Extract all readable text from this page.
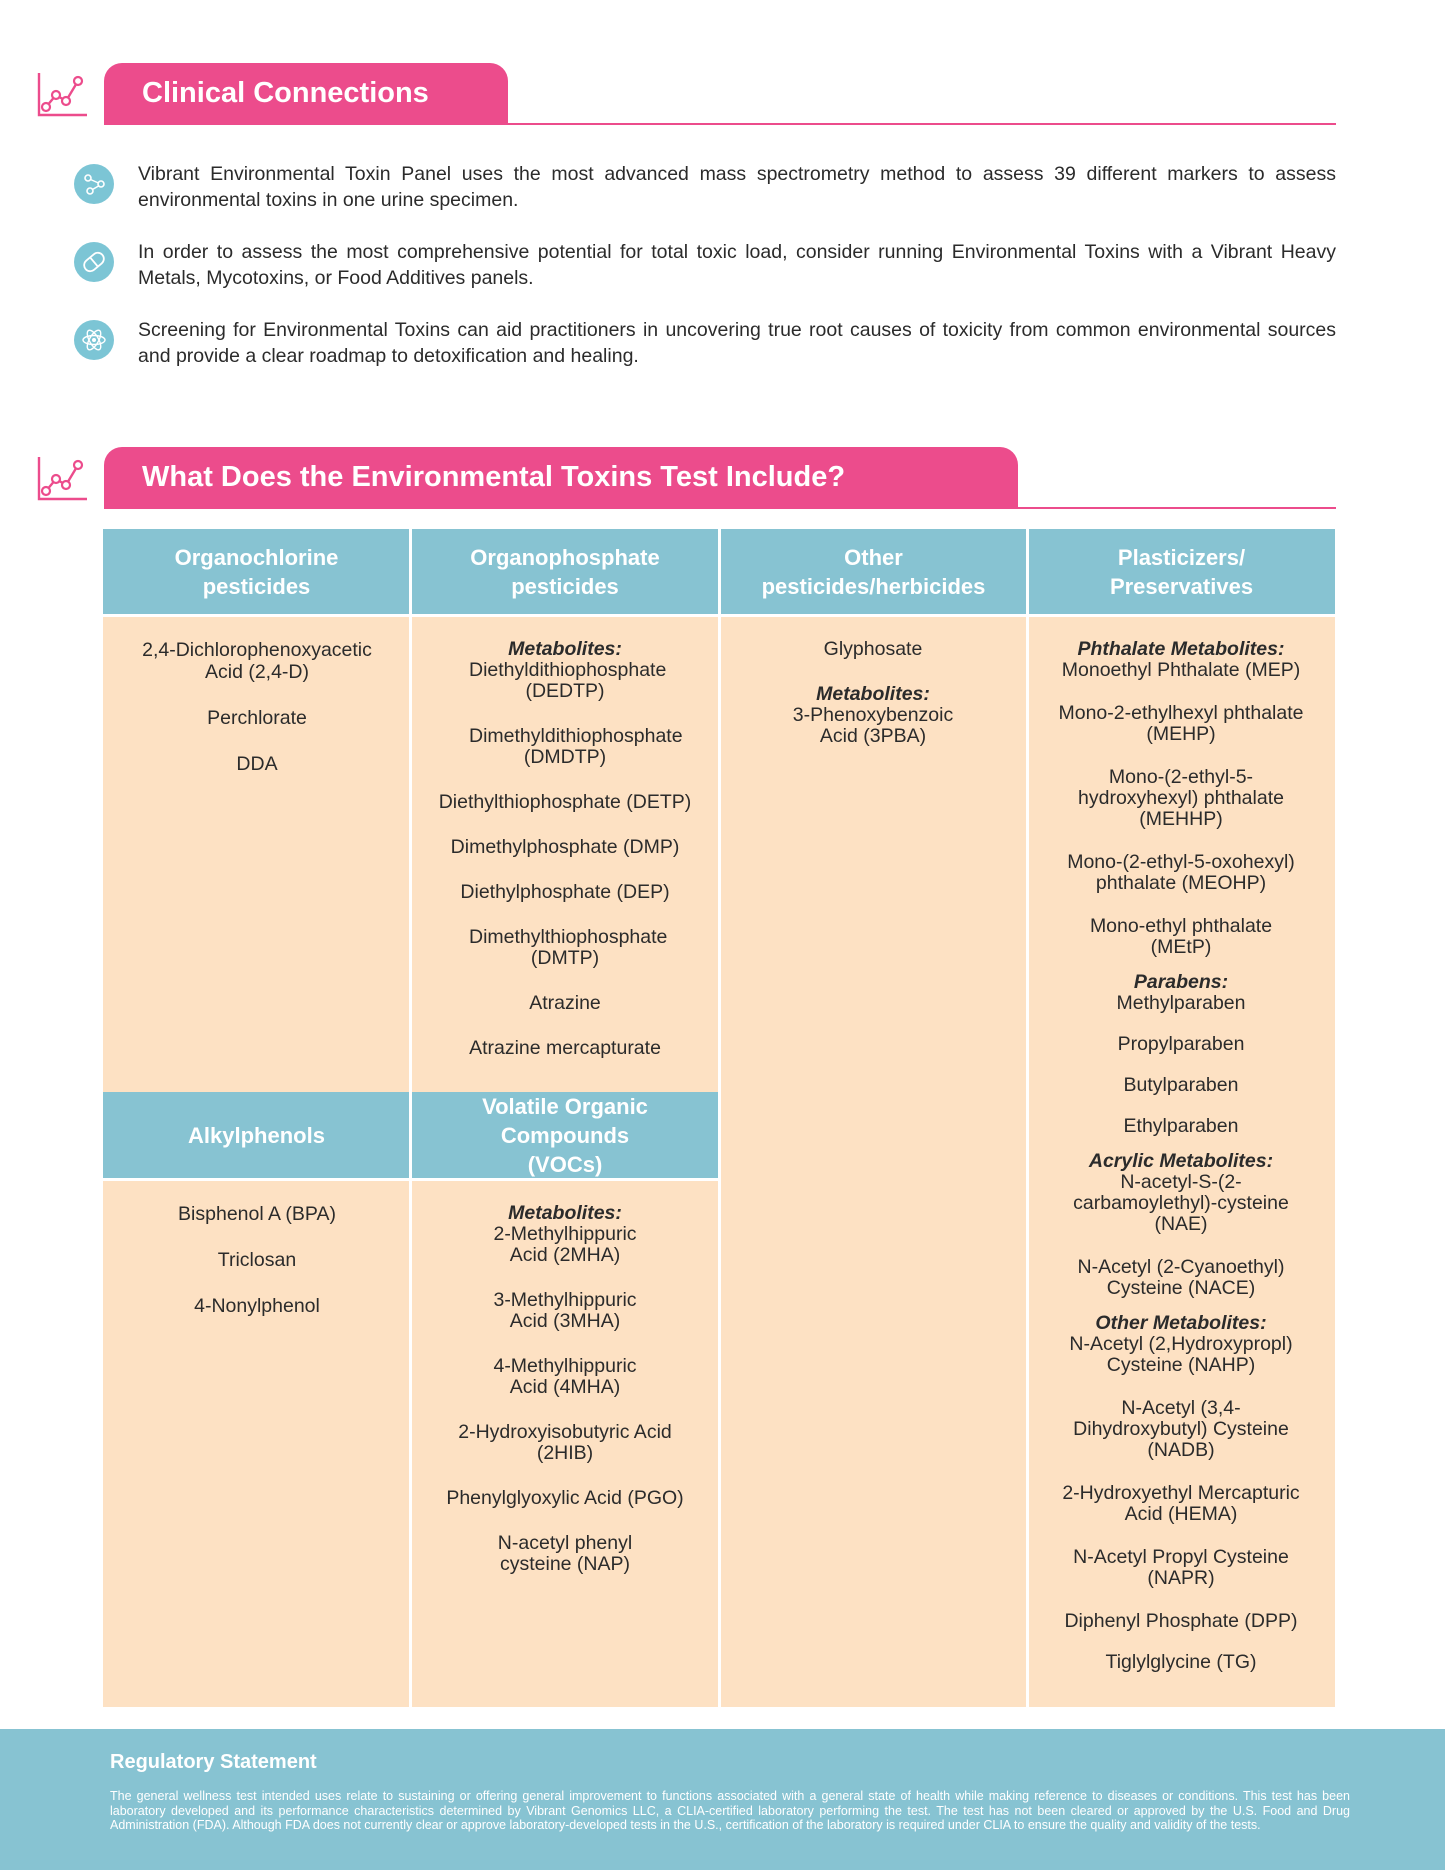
Clinical Connections
Vibrant Environmental Toxin Panel uses the most advanced mass spectrometry method to assess 39 different markers to assess environmental toxins in one urine specimen.
In order to assess the most comprehensive potential for total toxic load, consider running Environmental Toxins with a Vibrant Heavy Metals, Mycotoxins, or Food Additives panels.
Screening for Environmental Toxins can aid practitioners in uncovering true root causes of toxicity from common environmental sources and provide a clear roadmap to detoxification and healing.
What Does the Environmental Toxins Test Include?
Organochlorine pesticides
Organophosphate pesticides
Other pesticides/herbicides
Plasticizers/ Preservatives
Alkylphenols
Volatile Organic Compounds (VOCs)
2,4-Dichlorophenoxyacetic Acid (2,4-D)
Perchlorate
DDA
Metabolites:
Diethyldithiophosphate (DEDTP)
Dimethyldithiophosphate (DMDTP)
Diethylthiophosphate (DETP)
Dimethylphosphate (DMP)
Diethylphosphate (DEP)
Dimethylthiophosphate (DMTP)
Atrazine
Atrazine mercapturate
Glyphosate
Metabolites:
3-Phenoxybenzoic Acid (3PBA)
Bisphenol A (BPA)
Triclosan
4-Nonylphenol
Metabolites:
2-Methylhippuric Acid (2MHA)
3-Methylhippuric Acid (3MHA)
4-Methylhippuric Acid (4MHA)
2-Hydroxyisobutyric Acid (2HIB)
Phenylglyoxylic Acid (PGO)
N-acetyl phenyl cysteine (NAP)
Phthalate Metabolites:
Monoethyl Phthalate (MEP)
Mono-2-ethylhexyl phthalate (MEHP)
Mono-(2-ethyl-5-hydroxyhexyl) phthalate (MEHHP)
Mono-(2-ethyl-5-oxohexyl) phthalate (MEOHP)
Mono-ethyl phthalate (MEtP)
Parabens:
Methylparaben
Propylparaben
Butylparaben
Ethylparaben
Acrylic Metabolites:
N-acetyl-S-(2-carbamoylethyl)-cysteine (NAE)
N-Acetyl (2-Cyanoethyl) Cysteine (NACE)
Other Metabolites:
N-Acetyl (2,Hydroxypropl) Cysteine (NAHP)
N-Acetyl (3,4-Dihydroxybutyl) Cysteine (NADB)
2-Hydroxyethyl Mercapturic Acid (HEMA)
N-Acetyl Propyl Cysteine (NAPR)
Diphenyl Phosphate (DPP)
Tiglylglycine (TG)
Regulatory Statement
The general wellness test intended uses relate to sustaining or offering general improvement to functions associated with a general state of health while making reference to diseases or conditions. This test has been laboratory developed and its performance characteristics determined by Vibrant Genomics LLC, a CLIA-certified laboratory performing the test. The test has not been cleared or approved by the U.S. Food and Drug Administration (FDA). Although FDA does not currently clear or approve laboratory-developed tests in the U.S., certification of the laboratory is required under CLIA to ensure the quality and validity of the tests.
